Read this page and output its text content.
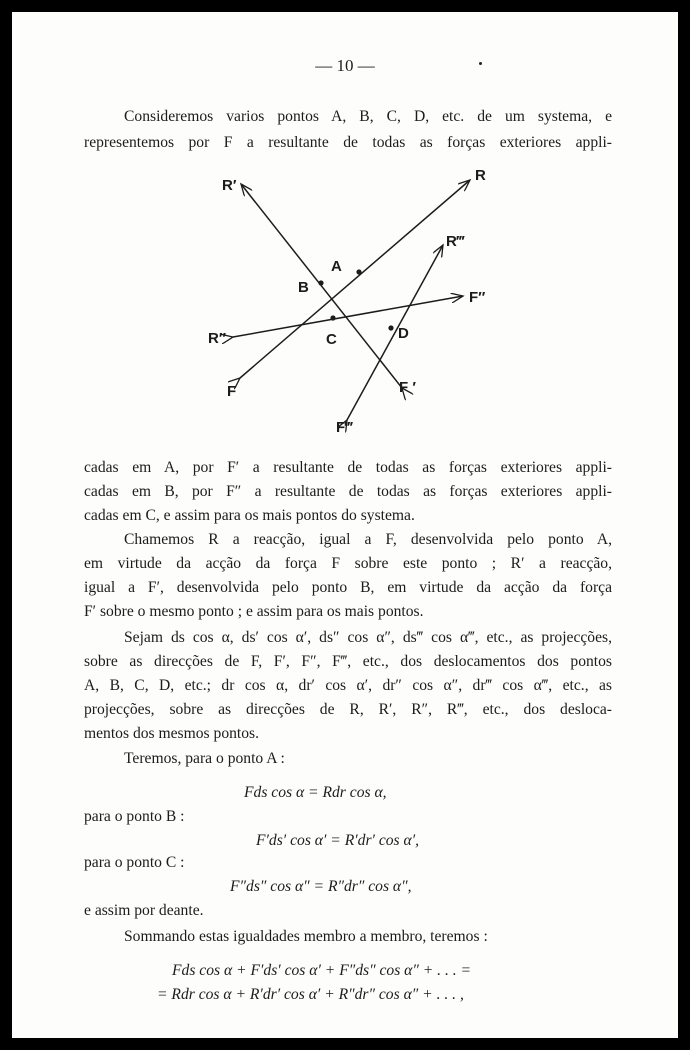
— 10 —
Consideremos varios pontos A, B, C, D, etc. de um systema, e
representemos por F a resultante de todas as forças exteriores appli-
R′
R
R‴
F″
A
B
R″	C	D
F	F ′
F‴
cadas em A, por F′ a resultante de todas as forças exteriores appli-
cadas em B, por F″ a resultante de todas as forças exteriores appli-
cadas em C, e assim para os mais pontos do systema.
Chamemos R a reacção, igual a F, desenvolvida pelo ponto A,
em virtude da acção da força F sobre este ponto ; R′ a reacção,
igual a F′, desenvolvida pelo ponto B, em virtude da acção da força
F′ sobre o mesmo ponto ; e assim para os mais pontos.
Sejam ds cos α, ds′ cos α′, ds″ cos α″, ds‴ cos α‴, etc., as projecções,
sobre as direcções de F, F′, F″, F‴, etc., dos deslocamentos dos pontos
A, B, C, D, etc.; dr cos α, dr′ cos α′, dr″ cos α″, dr‴ cos α‴, etc., as
projecções, sobre as direcções de R, R′, R″, R‴, etc., dos desloca-
mentos dos mesmos pontos.
Teremos, para o ponto A :
Fds cos α = Rdr cos α,
para o ponto B :
F′ds′ cos α′ = R′dr′ cos α′,
para o ponto C :
F″ds″ cos α″ = R″dr″ cos α″,
e assim por deante.
Sommando estas igualdades membro a membro, teremos :
Fds cos α + F′ds′ cos α′ + F″ds″ cos α″ + . . . =
= Rdr cos α + R′dr′ cos α′ + R″dr″ cos α″ + . . . ,
